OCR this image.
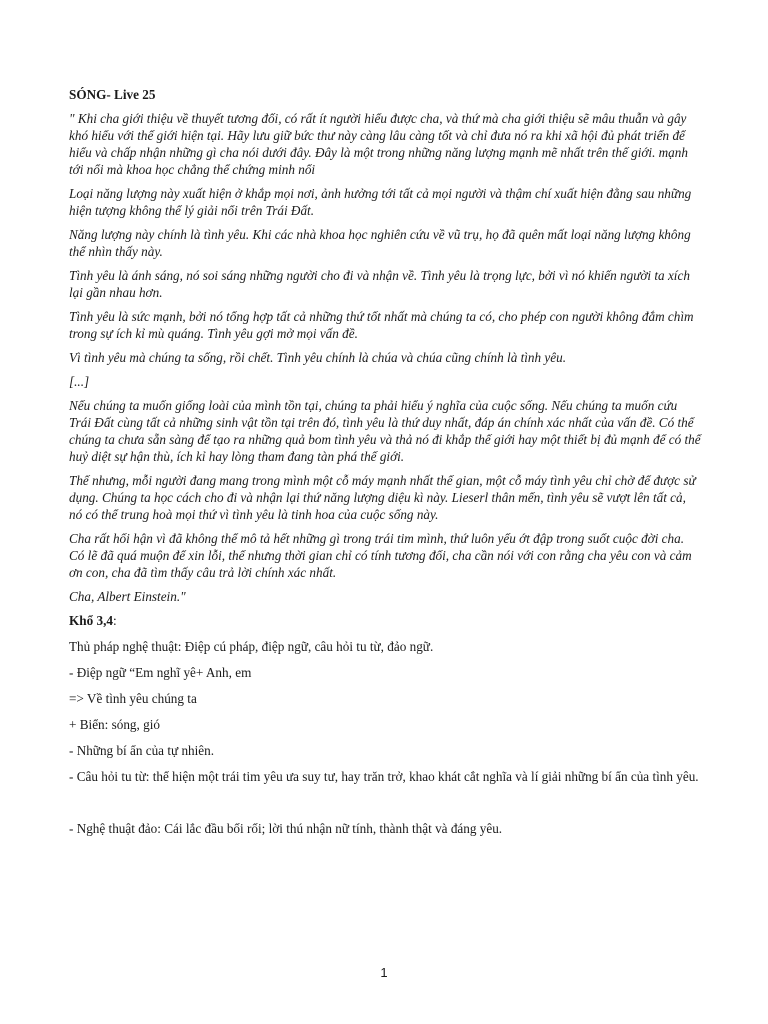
SÓNG- Live 25

" Khi cha giới thiệu về thuyết tương đối, có rất ít người hiểu được cha, và thứ mà cha giới thiệu sẽ mâu thuẫn và gây khó hiểu với thế giới hiện tại. Hãy lưu giữ bức thư này càng lâu càng tốt và chỉ đưa nó ra khi xã hội đủ phát triển để hiểu và chấp nhận những gì cha nói dưới đây. Đây là một trong những năng lượng mạnh mẽ nhất trên thế giới. mạnh tới nổi mà khoa học chẳng thể chứng minh nổi

Loại năng lượng này xuất hiện ở khắp mọi nơi, ảnh hưởng tới tất cả mọi người và thậm chí xuất hiện đằng sau những hiện tượng không thể lý giải nổi trên Trái Đất.

Năng lượng này chính là tình yêu. Khi các nhà khoa học nghiên cứu về vũ trụ, họ đã quên mất loại năng lượng không thể nhìn thấy này.

Tình yêu là ánh sáng, nó soi sáng những người cho đi và nhận về. Tình yêu là trọng lực, bởi vì nó khiến người ta xích lại gần nhau hơn.

Tình yêu là sức mạnh, bởi nó tổng hợp tất cả những thứ tốt nhất mà chúng ta có, cho phép con người không đắm chìm trong sự ích kỉ mù quáng. Tình yêu gợi mở mọi vấn đề.

Vì tình yêu mà chúng ta sống, rồi chết. Tình yêu chính là chúa và chúa cũng chính là tình yêu.

[...]

Nếu chúng ta muốn giống loài của mình tồn tại, chúng ta phải hiểu ý nghĩa của cuộc sống. Nếu chúng ta muốn cứu Trái Đất cùng tất cả những sinh vật tồn tại trên đó, tình yêu là thứ duy nhất, đáp án chính xác nhất của vấn đề. Có thể chúng ta chưa sẵn sàng để tạo ra những quả bom tình yêu và thả nó đi khắp thế giới hay một thiết bị đủ mạnh để có thể huỷ diệt sự hận thù, ích kỉ hay lòng tham đang tàn phá thế giới.

Thế nhưng, mỗi người đang mang trong mình một cỗ máy mạnh nhất thế gian, một cỗ máy tình yêu chỉ chờ để được sử dụng. Chúng ta học cách cho đi và nhận lại thứ năng lượng diệu kì này. Lieserl thân mến, tình yêu sẽ vượt lên tất cả, nó có thể trung hoà mọi thứ vì tình yêu là tinh hoa của cuộc sống này.

Cha rất hối hận vì đã không thể mô tả hết những gì trong trái tim mình, thứ luôn yếu ớt đập trong suốt cuộc đời cha. Có lẽ đã quá muộn để xin lỗi, thế nhưng thời gian chỉ có tính tương đối, cha cần nói với con rằng cha yêu con và cảm ơn con, cha đã tìm thấy câu trả lời chính xác nhất.

Cha, Albert Einstein."

Khổ 3,4:

Thủ pháp nghệ thuật: Điệp cú pháp, điệp ngữ, câu hỏi tu từ, đảo ngữ.

- Điệp ngữ “Em nghĩ yê+ Anh, em

=> Về tình yêu chúng ta

+ Biển: sóng, gió

- Những bí ẩn của tự nhiên.

- Câu hỏi tu từ: thể hiện một trái tim yêu ưa suy tư, hay trăn trở, khao khát cắt nghĩa và lí giải những bí ẩn của tình yêu.

- Nghệ thuật đảo: Cái lắc đầu bối rối; lời thú nhận nữ tính, thành thật và đáng yêu.

1
